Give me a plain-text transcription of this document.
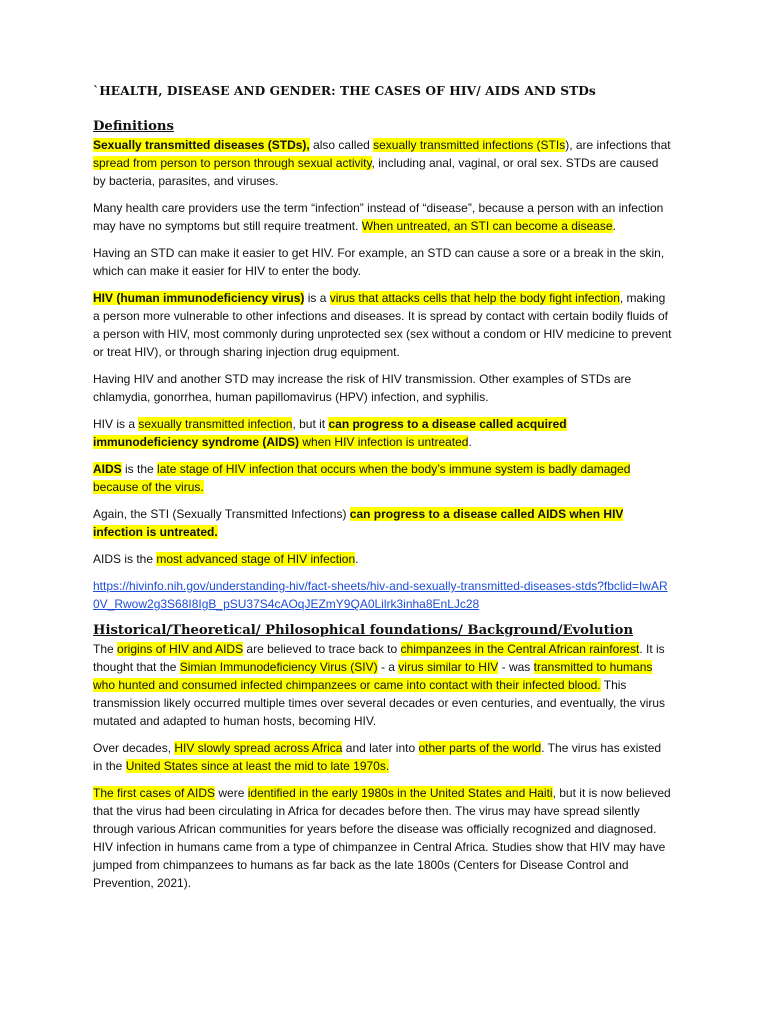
`HEALTH, DISEASE AND GENDER: THE CASES OF HIV/ AIDS AND STDs
Definitions

Sexually transmitted diseases (STDs), also called sexually transmitted infections (STIs), are infections that spread from person to person through sexual activity, including anal, vaginal, or oral sex. STDs are caused by bacteria, parasites, and viruses.

Many health care providers use the term “infection” instead of “disease”, because a person with an infection may have no symptoms but still require treatment. When untreated, an STI can become a disease.

Having an STD can make it easier to get HIV. For example, an STD can cause a sore or a break in the skin, which can make it easier for HIV to enter the body.

HIV (human immunodeficiency virus) is a virus that attacks cells that help the body fight infection, making a person more vulnerable to other infections and diseases. It is spread by contact with certain bodily fluids of a person with HIV, most commonly during unprotected sex (sex without a condom or HIV medicine to prevent or treat HIV), or through sharing injection drug equipment.

Having HIV and another STD may increase the risk of HIV transmission. Other examples of STDs are chlamydia, gonorrhea, human papillomavirus (HPV) infection, and syphilis.

HIV is a sexually transmitted infection, but it can progress to a disease called acquired immunodeficiency syndrome (AIDS) when HIV infection is untreated.

AIDS is the late stage of HIV infection that occurs when the body’s immune system is badly damaged because of the virus.

Again, the STI (Sexually Transmitted Infections) can progress to a disease called AIDS when HIV infection is untreated.

AIDS is the most advanced stage of HIV infection.

https://hivinfo.nih.gov/understanding-hiv/fact-sheets/hiv-and-sexually-transmitted-diseases-stds?fbclid=IwAR0V_Rwow2g3S68I8IgB_pSU37S4cAOqJEZmY9QA0Lilrk3inha8EnLJc28

Historical/Theoretical/ Philosophical foundations/ Background/Evolution

The origins of HIV and AIDS are believed to trace back to chimpanzees in the Central African rainforest. It is thought that the Simian Immunodeficiency Virus (SIV) - a virus similar to HIV - was transmitted to humans who hunted and consumed infected chimpanzees or came into contact with their infected blood. This transmission likely occurred multiple times over several decades or even centuries, and eventually, the virus mutated and adapted to human hosts, becoming HIV.

Over decades, HIV slowly spread across Africa and later into other parts of the world. The virus has existed in the United States since at least the mid to late 1970s.

The first cases of AIDS were identified in the early 1980s in the United States and Haiti, but it is now believed that the virus had been circulating in Africa for decades before then. The virus may have spread silently through various African communities for years before the disease was officially recognized and diagnosed. HIV infection in humans came from a type of chimpanzee in Central Africa. Studies show that HIV may have jumped from chimpanzees to humans as far back as the late 1800s (Centers for Disease Control and Prevention, 2021).
